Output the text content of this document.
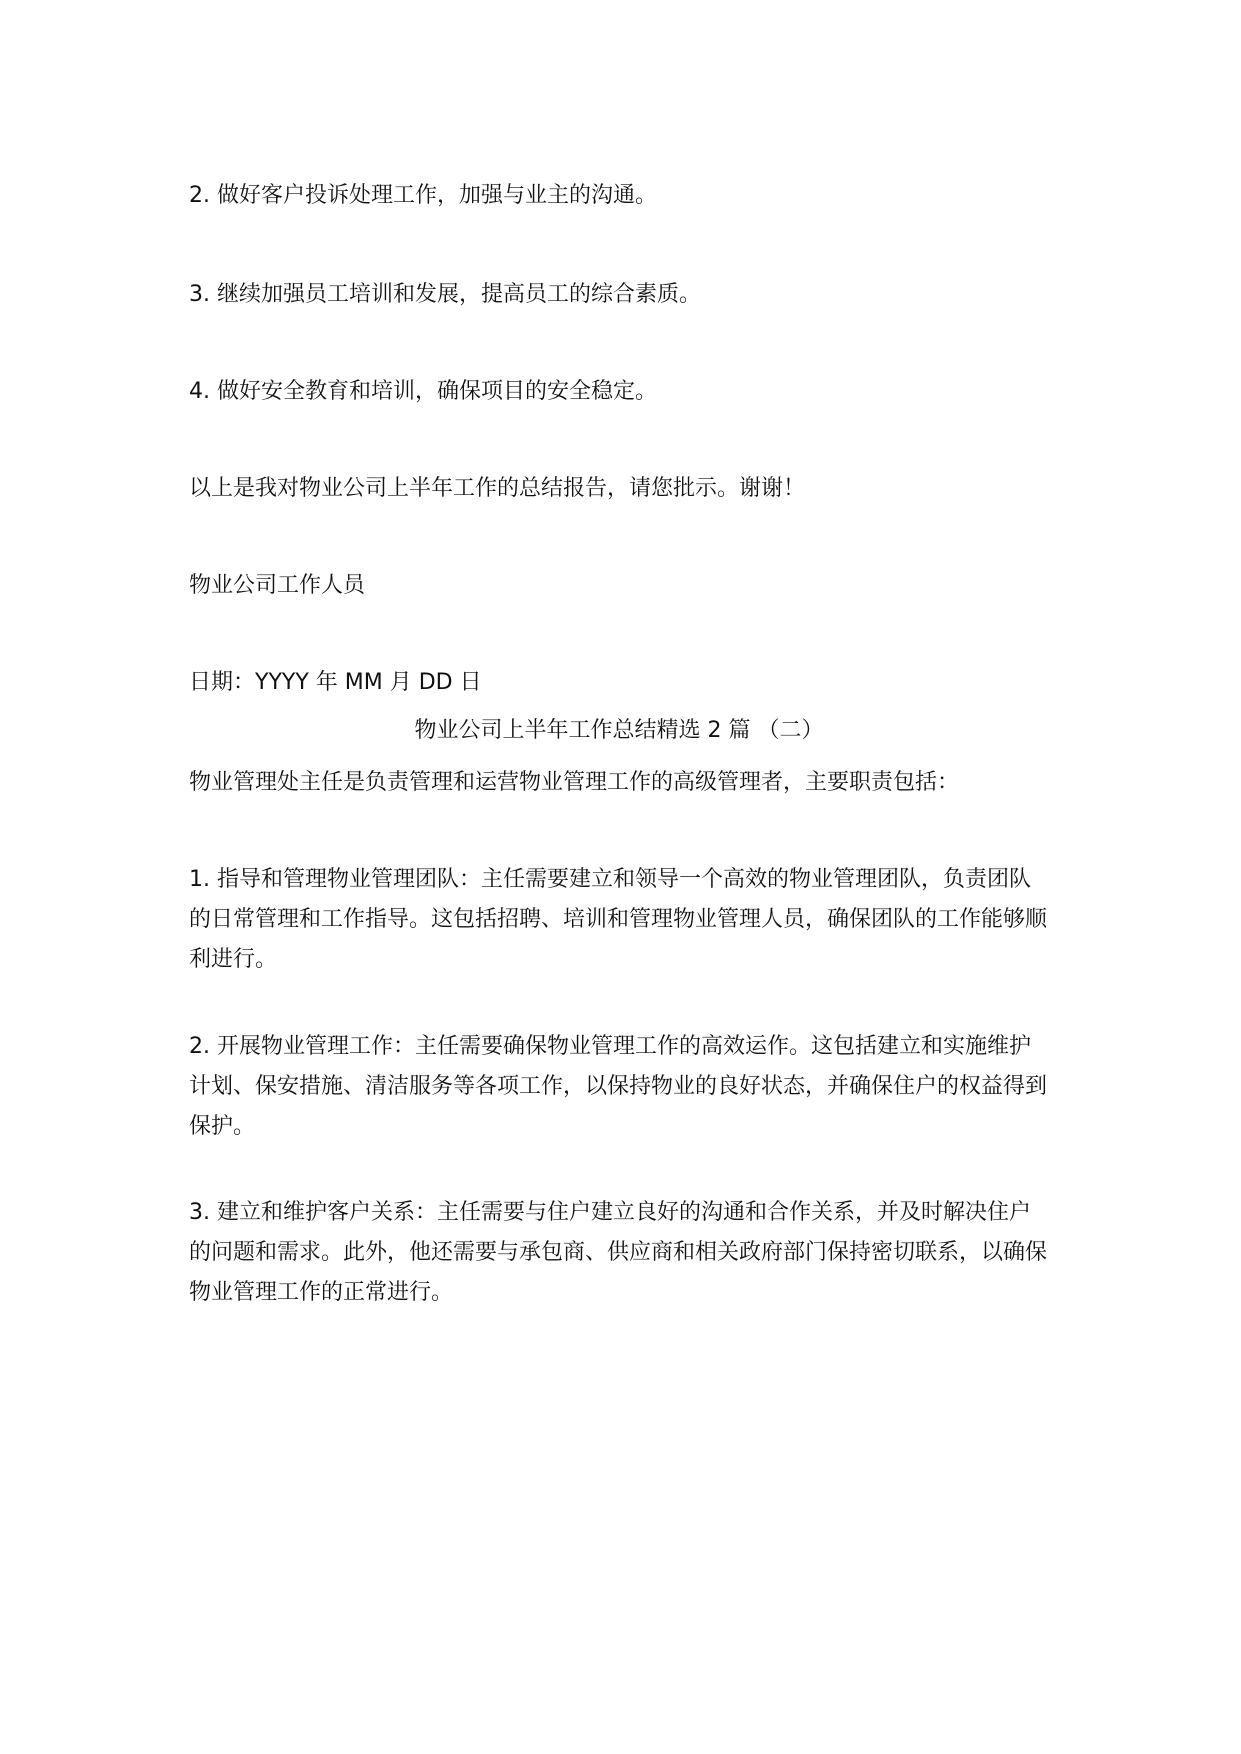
2. 做好客户投诉处理工作，加强与业主的沟通。

3. 继续加强员工培训和发展，提高员工的综合素质。

4. 做好安全教育和培训，确保项目的安全稳定。

以上是我对物业公司上半年工作的总结报告，请您批示。谢谢！

物业公司工作人员

日期：YYYY 年 MM 月 DD 日

物业公司上半年工作总结精选 2 篇 （二）

物业管理处主任是负责管理和运营物业管理工作的高级管理者，主要职责包括：

1. 指导和管理物业管理团队：主任需要建立和领导一个高效的物业管理团队，负责团队的日常管理和工作指导。这包括招聘、培训和管理物业管理人员，确保团队的工作能够顺利进行。

2. 开展物业管理工作：主任需要确保物业管理工作的高效运作。这包括建立和实施维护计划、保安措施、清洁服务等各项工作，以保持物业的良好状态，并确保住户的权益得到保护。

3. 建立和维护客户关系：主任需要与住户建立良好的沟通和合作关系，并及时解决住户的问题和需求。此外，他还需要与承包商、供应商和相关政府部门保持密切联系，以确保物业管理工作的正常进行。
